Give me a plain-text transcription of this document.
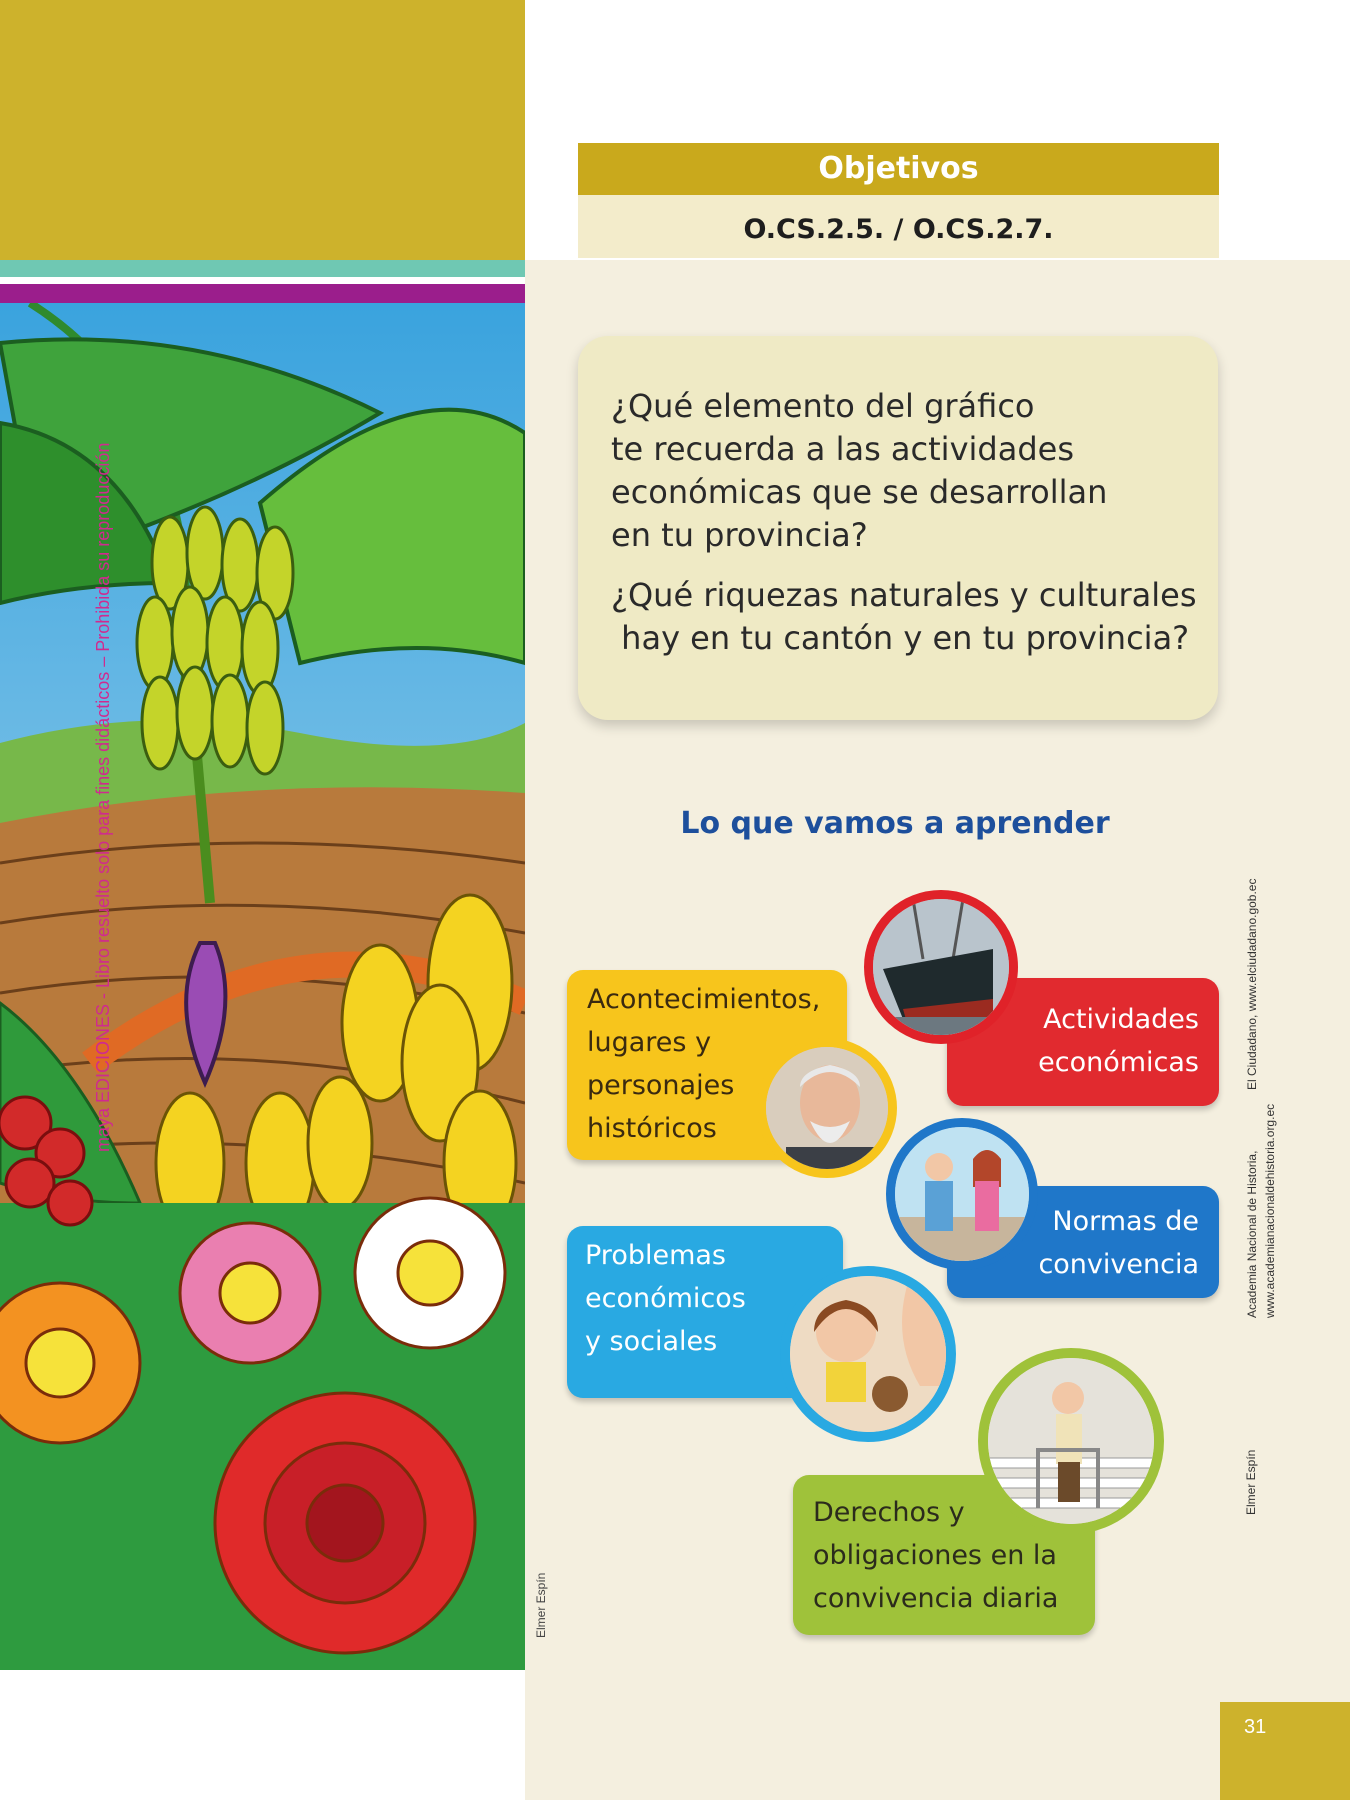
Objetivos
O.CS.2.5. / O.CS.2.7.

¿Qué elemento del gráfico
te recuerda a las actividades
económicas que se desarrollan
en tu provincia?

¿Qué riquezas naturales y culturales
hay en tu cantón y en tu provincia?

Lo que vamos a aprender
Acontecimientos,
lugares y
personajes
históricos
Actividades
económicas
Normas de
convivencia
Problemas
económicos
y sociales
Derechos y
obligaciones en la
convivencia diaria
maya EDICIONES - Libro resuelto solo para fines didácticos – Prohibida su reproducción
Elmer Espín
Academia Nacional de Historia,
www.academianacionaldehistoria.org.ec
El Ciudadano, www.elciudadano.gob.ec
Elmer Espín
31
